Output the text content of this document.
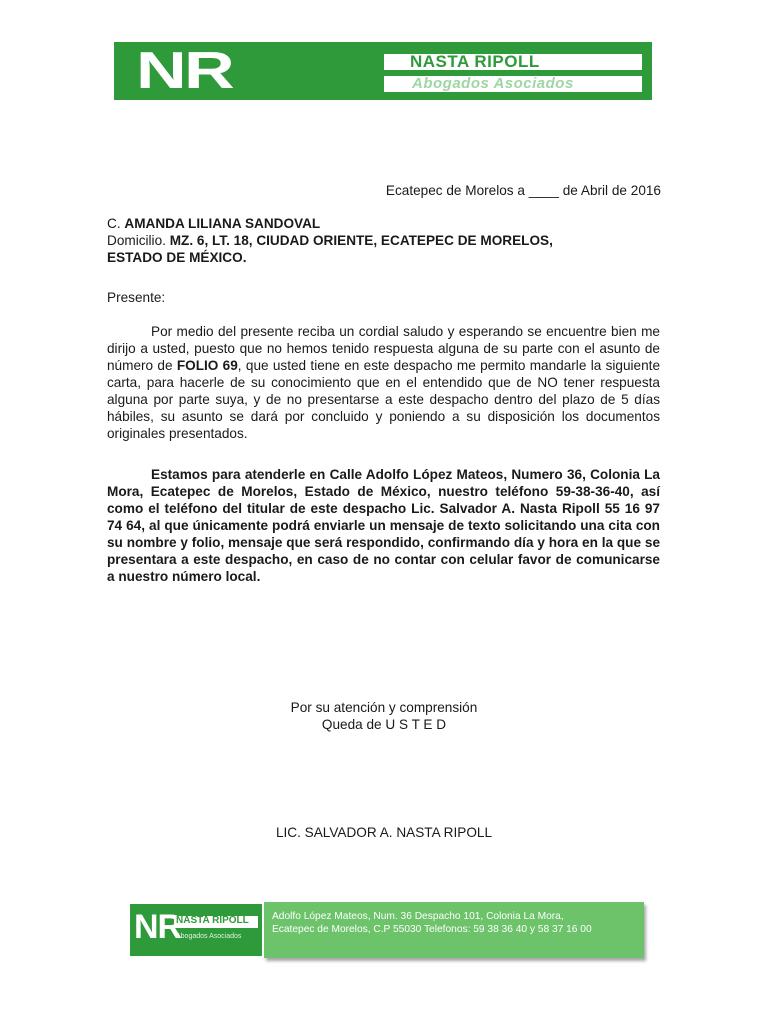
NR	NASTA RIPOLL
Abogados Asociados
Ecatepec de Morelos a ____ de Abril de 2016
C. AMANDA LILIANA SANDOVAL
Domicilio. MZ. 6, LT. 18, CIUDAD ORIENTE, ECATEPEC DE MORELOS,
ESTADO DE MÉXICO.
Presente:
Por medio del presente reciba un cordial saludo y esperando se encuentre bien me dirijo a usted, puesto que no hemos tenido respuesta alguna de su parte con el asunto de número de FOLIO 69, que usted tiene en este despacho me permito mandarle la siguiente carta, para hacerle de su conocimiento que en el entendido que de NO tener respuesta alguna por parte suya, y de no presentarse a este despacho dentro del plazo de 5 días hábiles, su asunto se dará por concluido y poniendo a su disposición los documentos originales presentados.
Estamos para atenderle en Calle Adolfo López Mateos, Numero 36, Colonia La Mora, Ecatepec de Morelos, Estado de México, nuestro teléfono 59-38-36-40, así como el teléfono del titular de este despacho Lic. Salvador A. Nasta Ripoll 55 16 97 74 64, al que únicamente podrá enviarle un mensaje de texto solicitando una cita con su nombre y folio, mensaje que será respondido, confirmando día y hora en la que se presentara a este despacho, en caso de no contar con celular favor de comunicarse a nuestro número local.
Por su atención y comprensión
Queda de U S T E D
LIC. SALVADOR A. NASTA RIPOLL
NR
NASTA RIPOLL
Abogados Asociados
Adolfo López Mateos, Num. 36 Despacho 101, Colonia La Mora,
Ecatepec de Morelos, C.P 55030 Telefonos: 59 38 36 40 y 58 37 16 00
